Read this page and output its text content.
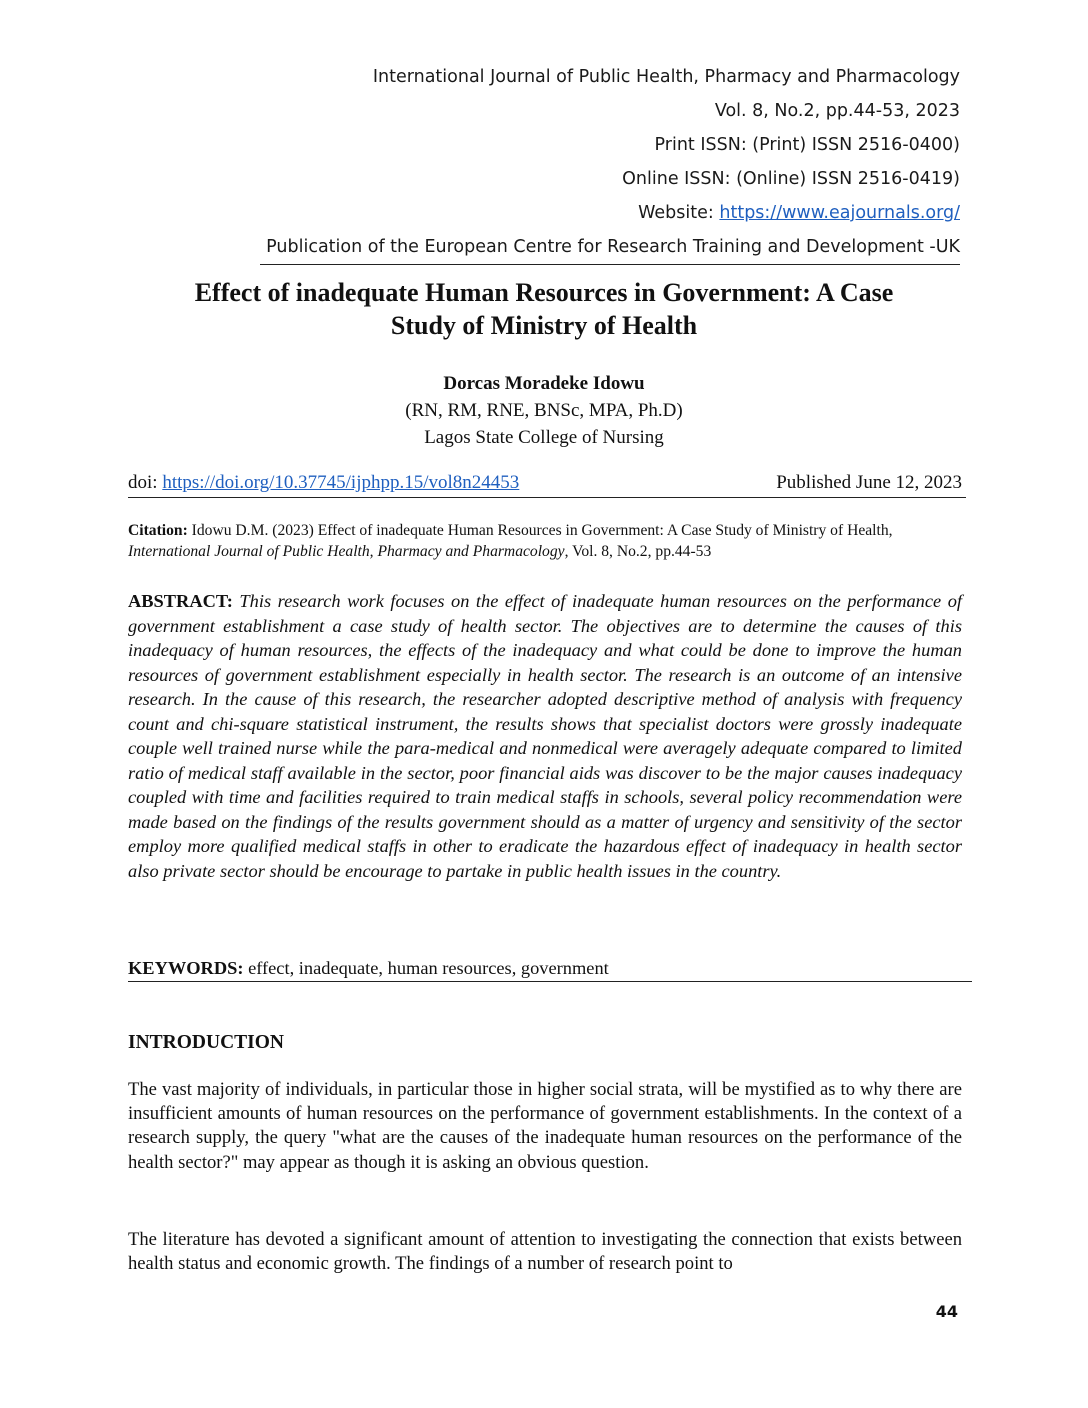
International Journal of Public Health, Pharmacy and Pharmacology
Vol. 8, No.2, pp.44-53, 2023
Print ISSN: (Print) ISSN 2516-0400)
Online ISSN: (Online) ISSN 2516-0419)
Website: https://www.eajournals.org/
Publication of the European Centre for Research Training and Development -UK
Effect of inadequate Human Resources in Government: A Case
Study of Ministry of Health
Dorcas Moradeke Idowu
(RN, RM, RNE, BNSc, MPA, Ph.D)
Lagos State College of Nursing
doi: https://doi.org/10.37745/ijphpp.15/vol8n24453	Published June 12, 2023
Citation: Idowu D.M. (2023) Effect of inadequate Human Resources in Government: A Case Study of Ministry of Health, International Journal of Public Health, Pharmacy and Pharmacology, Vol. 8, No.2, pp.44-53
ABSTRACT: This research work focuses on the effect of inadequate human resources on the performance of government establishment a case study of health sector. The objectives are to determine the causes of this inadequacy of human resources, the effects of the inadequacy and what could be done to improve the human resources of government establishment especially in health sector. The research is an outcome of an intensive research. In the cause of this research, the researcher adopted descriptive method of analysis with frequency count and chi-square statistical instrument, the results shows that specialist doctors were grossly inadequate couple well trained nurse while the para-medical and nonmedical were averagely adequate compared to limited ratio of medical staff available in the sector, poor financial aids was discover to be the major causes inadequacy coupled with time and facilities required to train medical staffs in schools, several policy recommendation were made based on the findings of the results government should as a matter of urgency and sensitivity of the sector employ more qualified medical staffs in other to eradicate the hazardous effect of inadequacy in health sector also private sector should be encourage to partake in public health issues in the country.
KEYWORDS: effect, inadequate, human resources, government
INTRODUCTION
The vast majority of individuals, in particular those in higher social strata, will be mystified as to why there are insufficient amounts of human resources on the performance of government establishments. In the context of a research supply, the query "what are the causes of the inadequate human resources on the performance of the health sector?" may appear as though it is asking an obvious question.
The literature has devoted a significant amount of attention to investigating the connection that exists between health status and economic growth. The findings of a number of research point to
44
